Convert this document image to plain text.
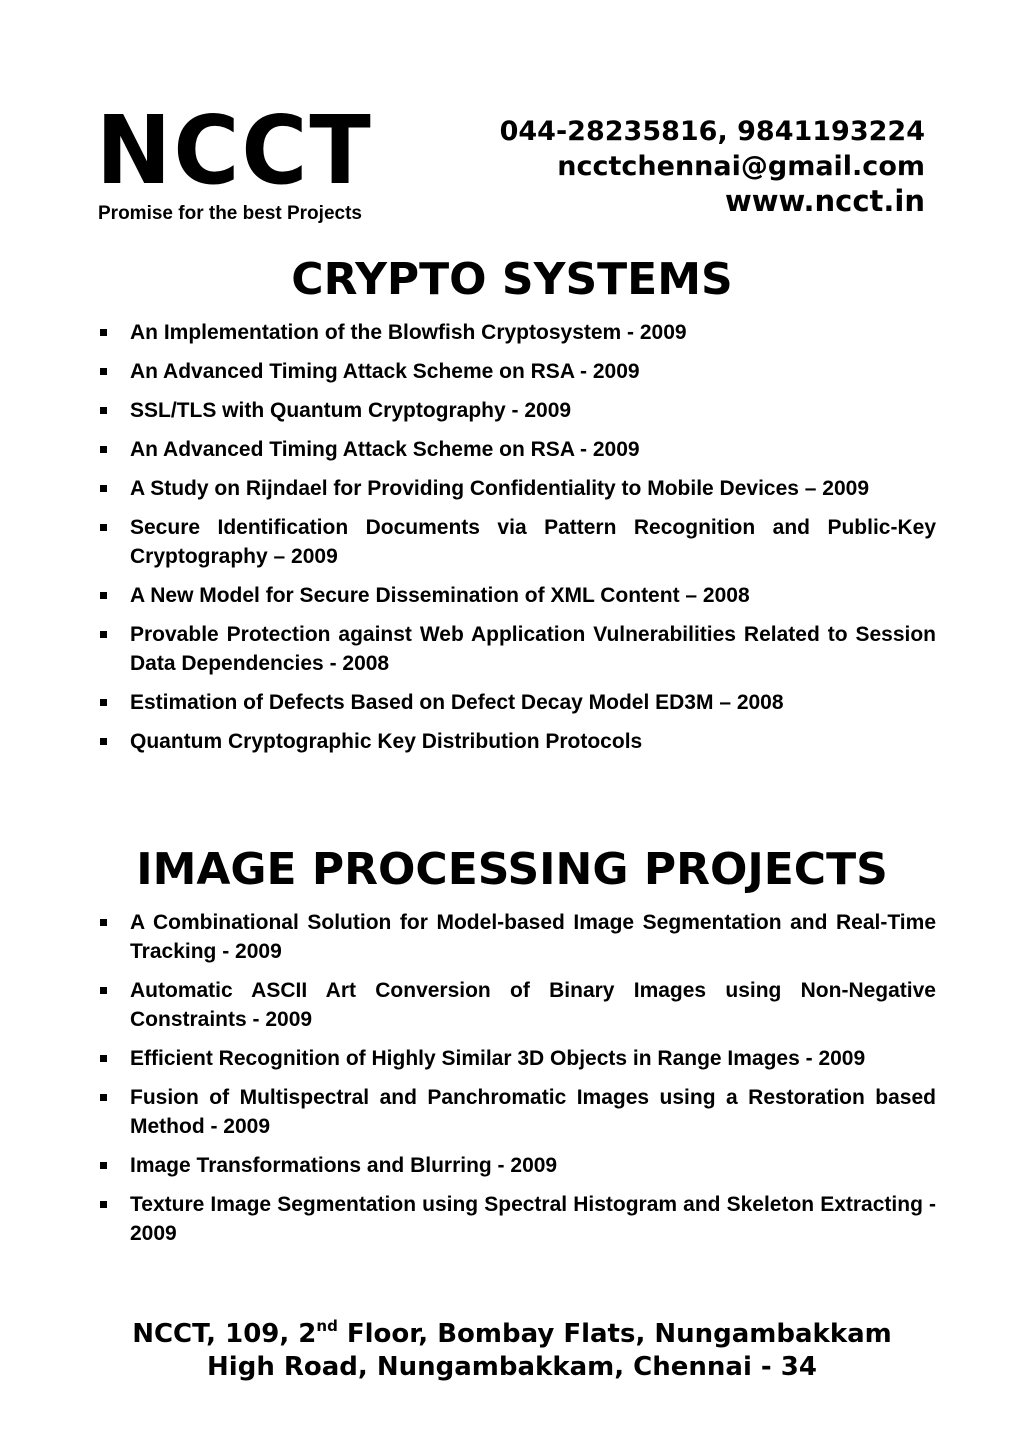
NCCT
Promise for the best Projects
044-28235816, 9841193224
ncctchennai@gmail.com
www.ncct.in
CRYPTO SYSTEMS
An Implementation of the Blowfish Cryptosystem - 2009
An Advanced Timing Attack Scheme on RSA - 2009
SSL/TLS with Quantum Cryptography - 2009
An Advanced Timing Attack Scheme on RSA - 2009
A Study on Rijndael for Providing Confidentiality to Mobile Devices – 2009
Secure Identification Documents via Pattern Recognition and Public-Key Cryptography – 2009
A New Model for Secure Dissemination of XML Content – 2008
Provable Protection against Web Application Vulnerabilities Related to Session Data Dependencies - 2008
Estimation of Defects Based on Defect Decay Model ED3M – 2008
Quantum Cryptographic Key Distribution Protocols
IMAGE PROCESSING PROJECTS
A Combinational Solution for Model-based Image Segmentation and Real-Time Tracking - 2009
Automatic ASCII Art Conversion of Binary Images using Non-Negative Constraints - 2009
Efficient Recognition of Highly Similar 3D Objects in Range Images - 2009
Fusion of Multispectral and Panchromatic Images using a Restoration based Method - 2009
Image Transformations and Blurring - 2009
Texture Image Segmentation using Spectral Histogram and Skeleton Extracting - 2009
NCCT, 109, 2nd Floor, Bombay Flats, Nungambakkam
High Road, Nungambakkam, Chennai - 34
